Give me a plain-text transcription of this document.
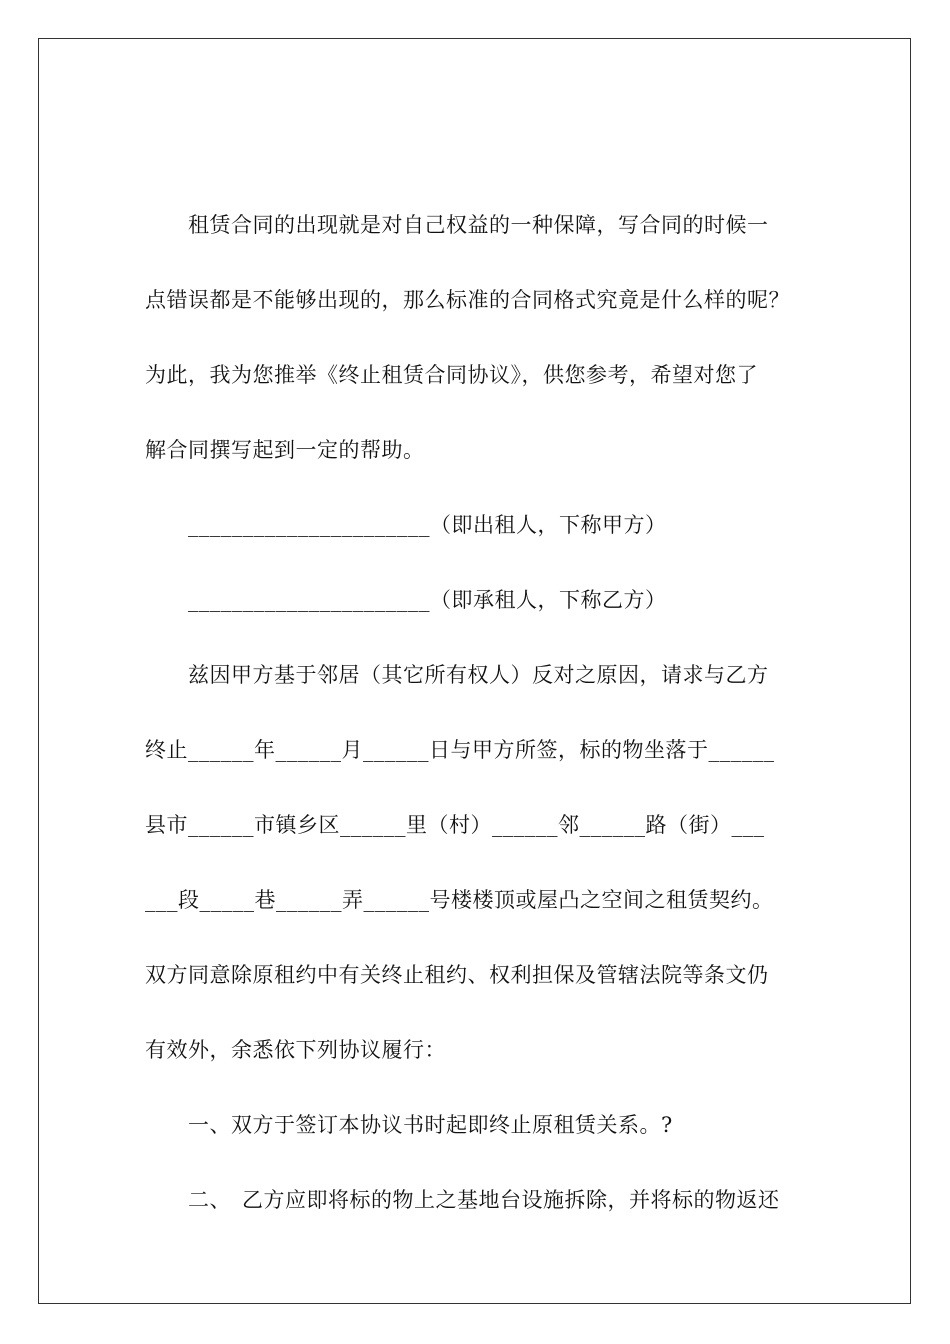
　　租赁合同的出现就是对自己权益的一种保障，写合同的时候一
点错误都是不能够出现的，那么标准的合同格式究竟是什么样的呢？
为此，我为您推举《终止租赁合同协议》，供您参考，希望对您了
解合同撰写起到一定的帮助。
　　______________________（即出租人，下称甲方）
　　______________________（即承租人，下称乙方）
　　兹因甲方基于邻居（其它所有权人）反对之原因，请求与乙方
终止______年______月______日与甲方所签，标的物坐落于______
县市______市镇乡区______里（村）______邻______路（街）___
___段_____巷______弄______号楼楼顶或屋凸之空间之租赁契约。
双方同意除原租约中有关终止租约、权利担保及管辖法院等条文仍
有效外，余悉依下列协议履行：
　　一、双方于签订本协议书时起即终止原租赁关系。?
　　二、　乙方应即将标的物上之基地台设施拆除，并将标的物返还
